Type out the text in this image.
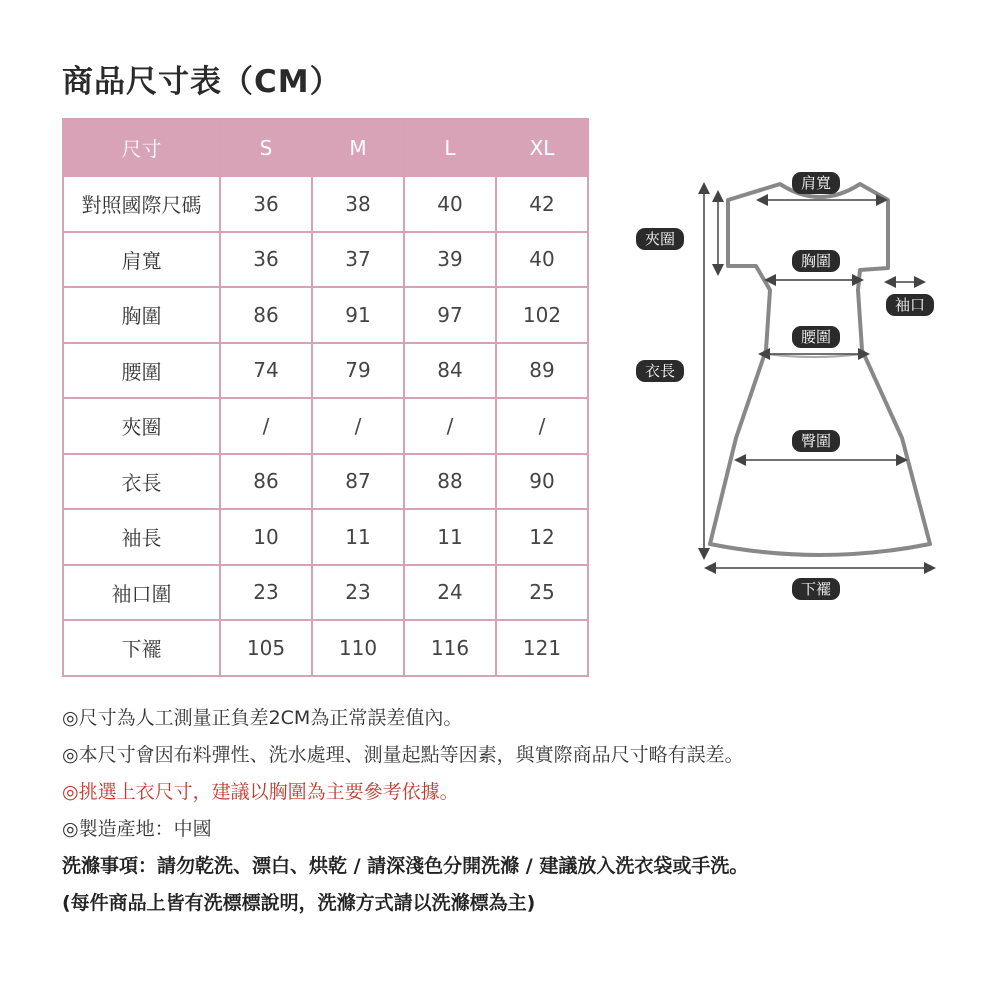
商品尺寸表（CM）
尺寸	S	M	L	XL
對照國際尺碼	36	38	40	42
肩寬	36	37	39	40
胸圍	86	91	97	102
腰圍	74	79	84	89
夾圈	/	/	/	/
衣長	86	87	88	90
袖長	10	11	11	12
袖口圍	23	23	24	25
下襬	105	110	116	121
肩寬
夾圈
胸圍
袖口
腰圍
衣長
臀圍
下襬
◎尺寸為人工測量正負差2CM為正常誤差值內。
◎本尺寸會因布料彈性、洗水處理、測量起點等因素，與實際商品尺寸略有誤差。
◎挑選上衣尺寸，建議以胸圍為主要參考依據。
◎製造產地：中國
洗滌事項：請勿乾洗、漂白、烘乾 / 請深淺色分開洗滌 / 建議放入洗衣袋或手洗。
(每件商品上皆有洗標標說明，洗滌方式請以洗滌標為主)
